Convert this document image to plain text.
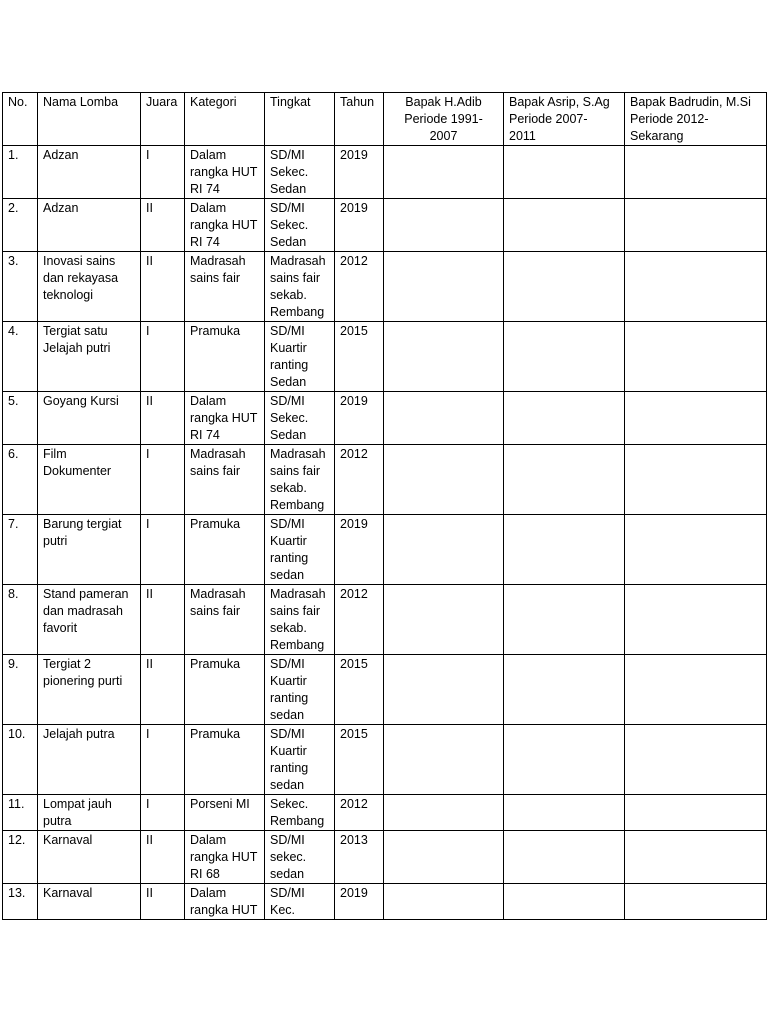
No.	Nama Lomba	Juara	Kategori	Tingkat	Tahun	Bapak H.Adib
Periode 1991-
2007	Bapak Asrip, S.Ag
Periode 2007-
2011	Bapak Badrudin, M.Si
Periode 2012-
Sekarang
1.	Adzan	I	Dalam
rangka HUT
RI 74	SD/MI
Sekec.
Sedan	2019			
2.	Adzan	II	Dalam
rangka HUT
RI 74	SD/MI
Sekec.
Sedan	2019			
3.	Inovasi sains
dan rekayasa
teknologi	II	Madrasah
sains fair	Madrasah
sains fair
sekab.
Rembang	2012			
4.	Tergiat satu
Jelajah putri	I	Pramuka	SD/MI
Kuartir
ranting
Sedan	2015			
5.	Goyang Kursi	II	Dalam
rangka HUT
RI 74	SD/MI
Sekec.
Sedan	2019			
6.	Film
Dokumenter	I	Madrasah
sains fair	Madrasah
sains fair
sekab.
Rembang	2012			
7.	Barung tergiat
putri	I	Pramuka	SD/MI
Kuartir
ranting
sedan	2019			
8.	Stand pameran
dan madrasah
favorit	II	Madrasah
sains fair	Madrasah
sains fair
sekab.
Rembang	2012			
9.	Tergiat 2
pionering purti	II	Pramuka	SD/MI
Kuartir
ranting
sedan	2015			
10.	Jelajah putra	I	Pramuka	SD/MI
Kuartir
ranting
sedan	2015			
11.	Lompat jauh
putra	I	Porseni MI	Sekec.
Rembang	2012			
12.	Karnaval	II	Dalam
rangka HUT
RI 68	SD/MI
sekec.
sedan	2013			
13.	Karnaval	II	Dalam
rangka HUT	SD/MI
Kec.	2019			
